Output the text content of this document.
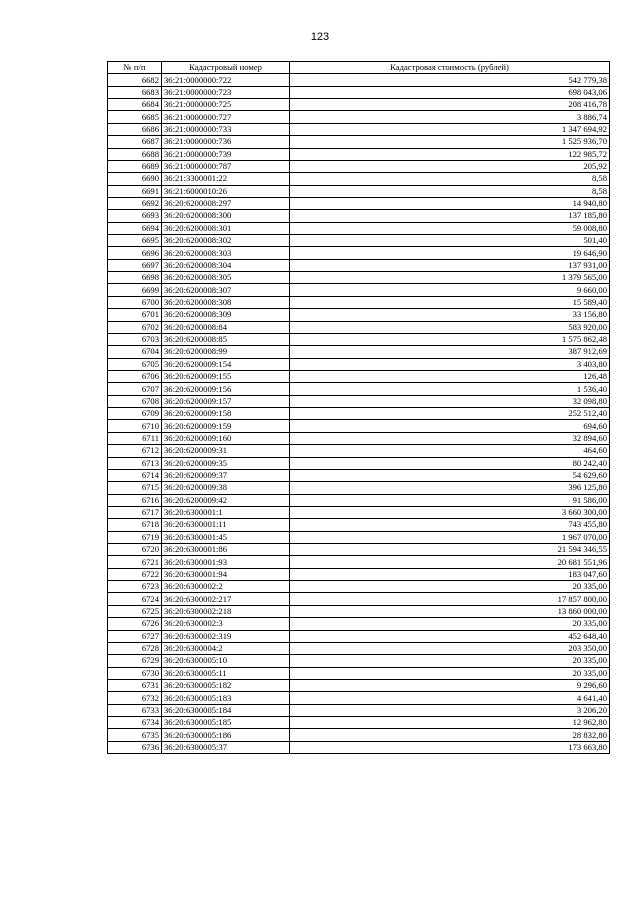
123
№ п/п	Кадастровый номер	Кадастровая стоимость (рублей)
6682	36:21:0000000:722	542 779,38
6683	36:21:0000000:723	698 043,06
6684	36:21:0000000:725	208 416,78
6685	36:21:0000000:727	3 886,74
6686	36:21:0000000:733	1 347 694,92
6687	36:21:0000000:736	1 525 936,70
6688	36:21:0000000:739	122 985,72
6689	36:21:0000000:787	205,92
6690	36:21:3300001:22	8,58
6691	36:21:6000010:26	8,58
6692	36:20:6200008:297	14 940,80
6693	36:20:6200008:300	137 185,80
6694	36:20:6200008:301	59 008,80
6695	36:20:6200008:302	501,40
6696	36:20:6200008:303	19 646,90
6697	36:20:6200008:304	137 931,00
6698	36:20:6200008:305	1 379 565,00
6699	36:20:6200008:307	9 660,00
6700	36:20:6200008:308	15 589,40
6701	36:20:6200008:309	33 156,80
6702	36:20:6200008:84	583 920,00
6703	36:20:6200008:85	1 575 862,48
6704	36:20:6200008:99	387 912,69
6705	36:20:6200009:154	3 403,80
6706	36:20:6200009:155	126,48
6707	36:20:6200009:156	1 536,40
6708	36:20:6200009:157	32 098,80
6709	36:20:6200009:158	252 512,40
6710	36:20:6200009:159	694,60
6711	36:20:6200009:160	32 894,60
6712	36:20:6200009:31	464,60
6713	36:20:6200009:35	80 242,40
6714	36:20:6200009:37	54 629,60
6715	36:20:6200009:38	396 125,80
6716	36:20:6200009:42	91 586,00
6717	36:20:6300001:1	3 660 300,00
6718	36:20:6300001:11	743 455,80
6719	36:20:6300001:45	1 967 070,00
6720	36:20:6300001:86	21 594 346,55
6721	36:20:6300001:93	20 681 551,96
6722	36:20:6300001:94	183 047,60
6723	36:20:6300002:2	20 335,00
6724	36:20:6300002:217	17 857 800,00
6725	36:20:6300002:218	13 860 000,00
6726	36:20:6300002:3	20 335,00
6727	36:20:6300002:319	452 648,40
6728	36:20:6300004:2	203 350,00
6729	36:20:6300005:10	20 335,00
6730	36:20:6300005:11	20 335,00
6731	36:20:6300005:182	9 296,60
6732	36:20:6300005:183	4 641,40
6733	36:20:6300005:184	3 206,20
6734	36:20:6300005:185	12 962,80
6735	36:20:6300005:186	28 832,80
6736	36:20:6300005:37	173 663,80
